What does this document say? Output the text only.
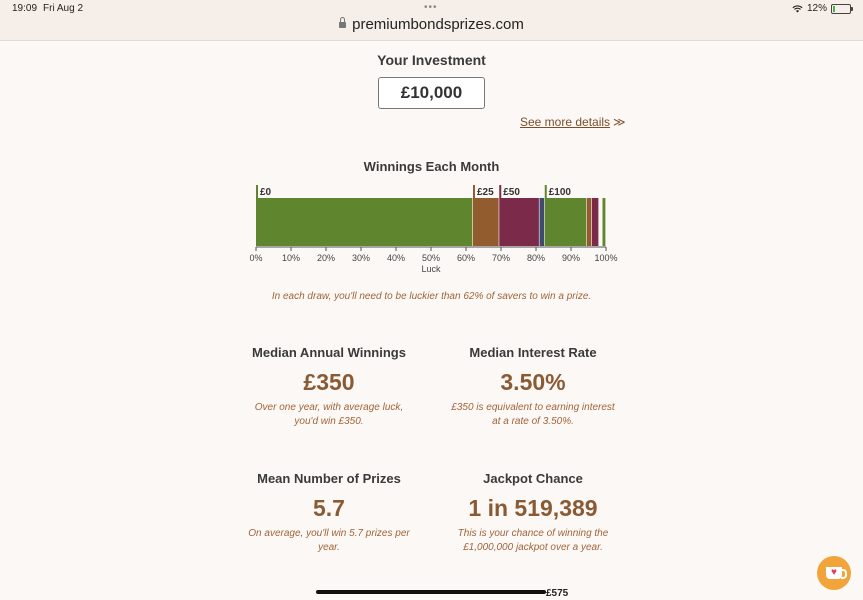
19:09 Fri Aug 2	•••
premiumbondsprizes.com
12%
Your Investment
£10,000
See more details ≫
Winnings Each Month
£0	£25 £50	£100
0% 10% 20% 30% 40% 50% 60% 70% 80% 90% 100%
Luck
In each draw, you'll need to be luckier than 62% of savers to win a prize.
Median Annual Winnings
£350
Over one year, with average luck,
you'd win £350.
Median Interest Rate
3.50%
£350 is equivalent to earning interest
at a rate of 3.50%.
Mean Number of Prizes
5.7
On average, you'll win 5.7 prizes per
year.
Jackpot Chance
1 in 519,389
This is your chance of winning the
£1,000,000 jackpot over a year.
£575
♥
